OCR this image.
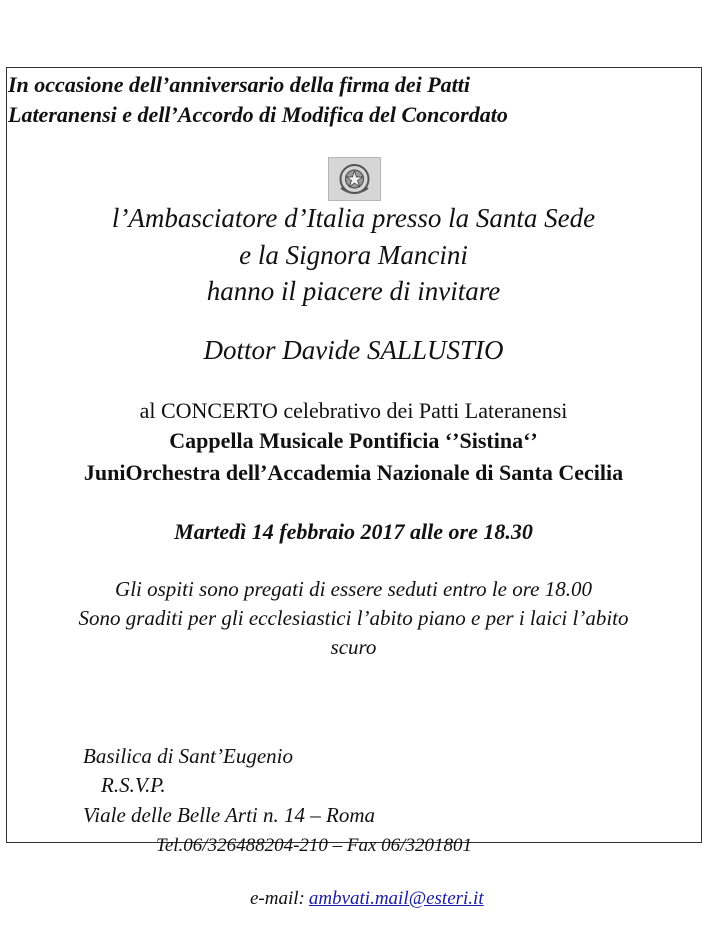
In occasione dell’anniversario della firma dei Patti
Lateranensi e dell’Accordo di Modifica del Concordato
l’Ambasciatore d’Italia presso la Santa Sede
e la Signora Mancini
hanno il piacere di invitare
Dottor Davide SALLUSTIO
al CONCERTO celebrativo dei Patti Lateranensi
Cappella Musicale Pontificia ‘’Sistina‘’
JuniOrchestra dell’Accademia Nazionale di Santa Cecilia
Martedì 14 febbraio 2017 alle ore 18.30
Gli ospiti sono pregati di essere seduti entro le ore 18.00
Sono graditi per gli ecclesiastici l’abito piano e per i laici l’abito
scuro
Basilica di Sant’Eugenio
R.S.V.P.
Viale delle Belle Arti n. 14 – Roma
Tel.06/326488204-210 – Fax 06/3201801
e-mail: ambvati.mail@esteri.it
